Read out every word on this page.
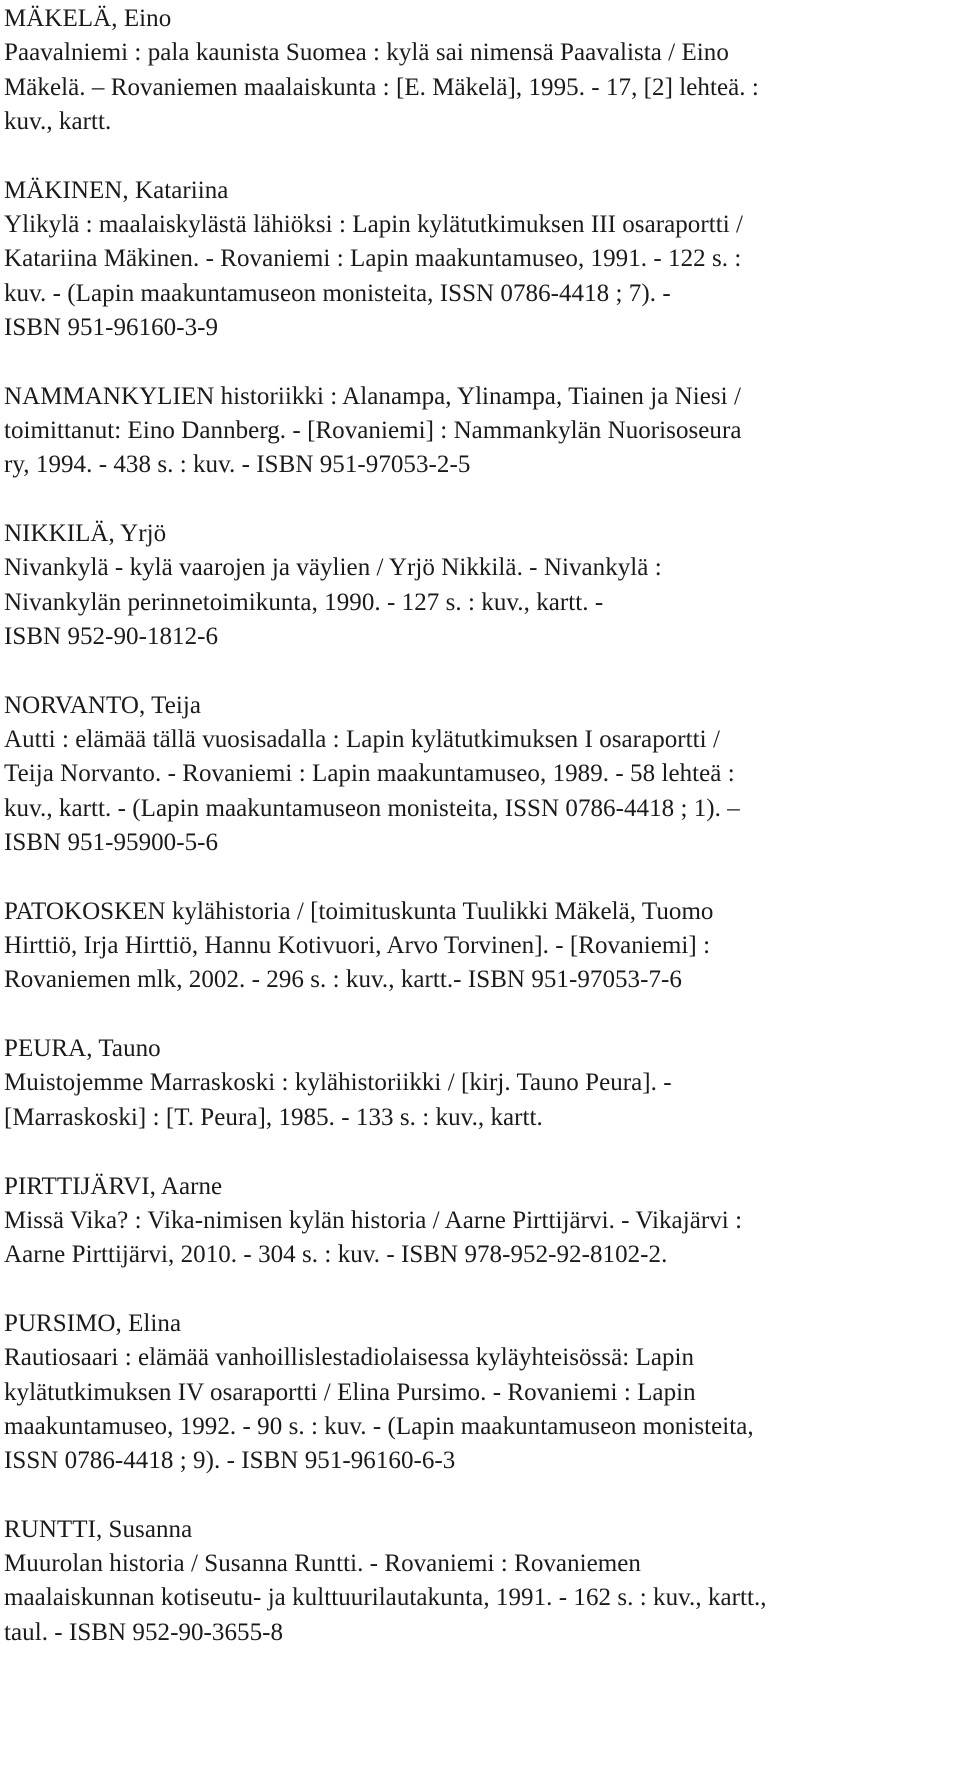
MÄKELÄ, Eino
Paavalniemi : pala kaunista Suomea : kylä sai nimensä Paavalista / Eino
Mäkelä. – Rovaniemen maalaiskunta : [E. Mäkelä], 1995. - 17, [2] lehteä. :
kuv., kartt.

MÄKINEN, Katariina
Ylikylä : maalaiskylästä lähiöksi : Lapin kylätutkimuksen III osaraportti /
Katariina Mäkinen. - Rovaniemi : Lapin maakuntamuseo, 1991. - 122 s. :
kuv. - (Lapin maakuntamuseon monisteita, ISSN 0786-4418 ; 7). -
ISBN 951-96160-3-9

NAMMANKYLIEN historiikki : Alanampa, Ylinampa, Tiainen ja Niesi /
toimittanut: Eino Dannberg. - [Rovaniemi] : Nammankylän Nuorisoseura
ry, 1994. - 438 s. : kuv. - ISBN 951-97053-2-5

NIKKILÄ, Yrjö
Nivankylä - kylä vaarojen ja väylien / Yrjö Nikkilä. - Nivankylä :
Nivankylän perinnetoimikunta, 1990. - 127 s. : kuv., kartt. -
ISBN 952-90-1812-6

NORVANTO, Teija
Autti : elämää tällä vuosisadalla : Lapin kylätutkimuksen I osaraportti /
Teija Norvanto. - Rovaniemi : Lapin maakuntamuseo, 1989. - 58 lehteä :
kuv., kartt. - (Lapin maakuntamuseon monisteita, ISSN 0786-4418 ; 1). –
ISBN 951-95900-5-6

PATOKOSKEN kylähistoria / [toimituskunta Tuulikki Mäkelä, Tuomo
Hirttiö, Irja Hirttiö, Hannu Kotivuori, Arvo Torvinen]. - [Rovaniemi] :
Rovaniemen mlk, 2002. - 296 s. : kuv., kartt.- ISBN 951-97053-7-6

PEURA, Tauno
Muistojemme Marraskoski : kylähistoriikki / [kirj. Tauno Peura]. -
[Marraskoski] : [T. Peura], 1985. - 133 s. : kuv., kartt.

PIRTTIJÄRVI, Aarne
Missä Vika? : Vika-nimisen kylän historia / Aarne Pirttijärvi. - Vikajärvi :
Aarne Pirttijärvi, 2010. - 304 s. : kuv. - ISBN 978-952-92-8102-2.

PURSIMO, Elina
Rautiosaari : elämää vanhoillislestadiolaisessa kyläyhteisössä: Lapin
kylätutkimuksen IV osaraportti / Elina Pursimo. - Rovaniemi : Lapin
maakuntamuseo, 1992. - 90 s. : kuv. - (Lapin maakuntamuseon monisteita,
ISSN 0786-4418 ; 9). - ISBN 951-96160-6-3

RUNTTI, Susanna
Muurolan historia / Susanna Runtti. - Rovaniemi : Rovaniemen
maalaiskunnan kotiseutu- ja kulttuurilautakunta, 1991. - 162 s. : kuv., kartt.,
taul. - ISBN 952-90-3655-8
